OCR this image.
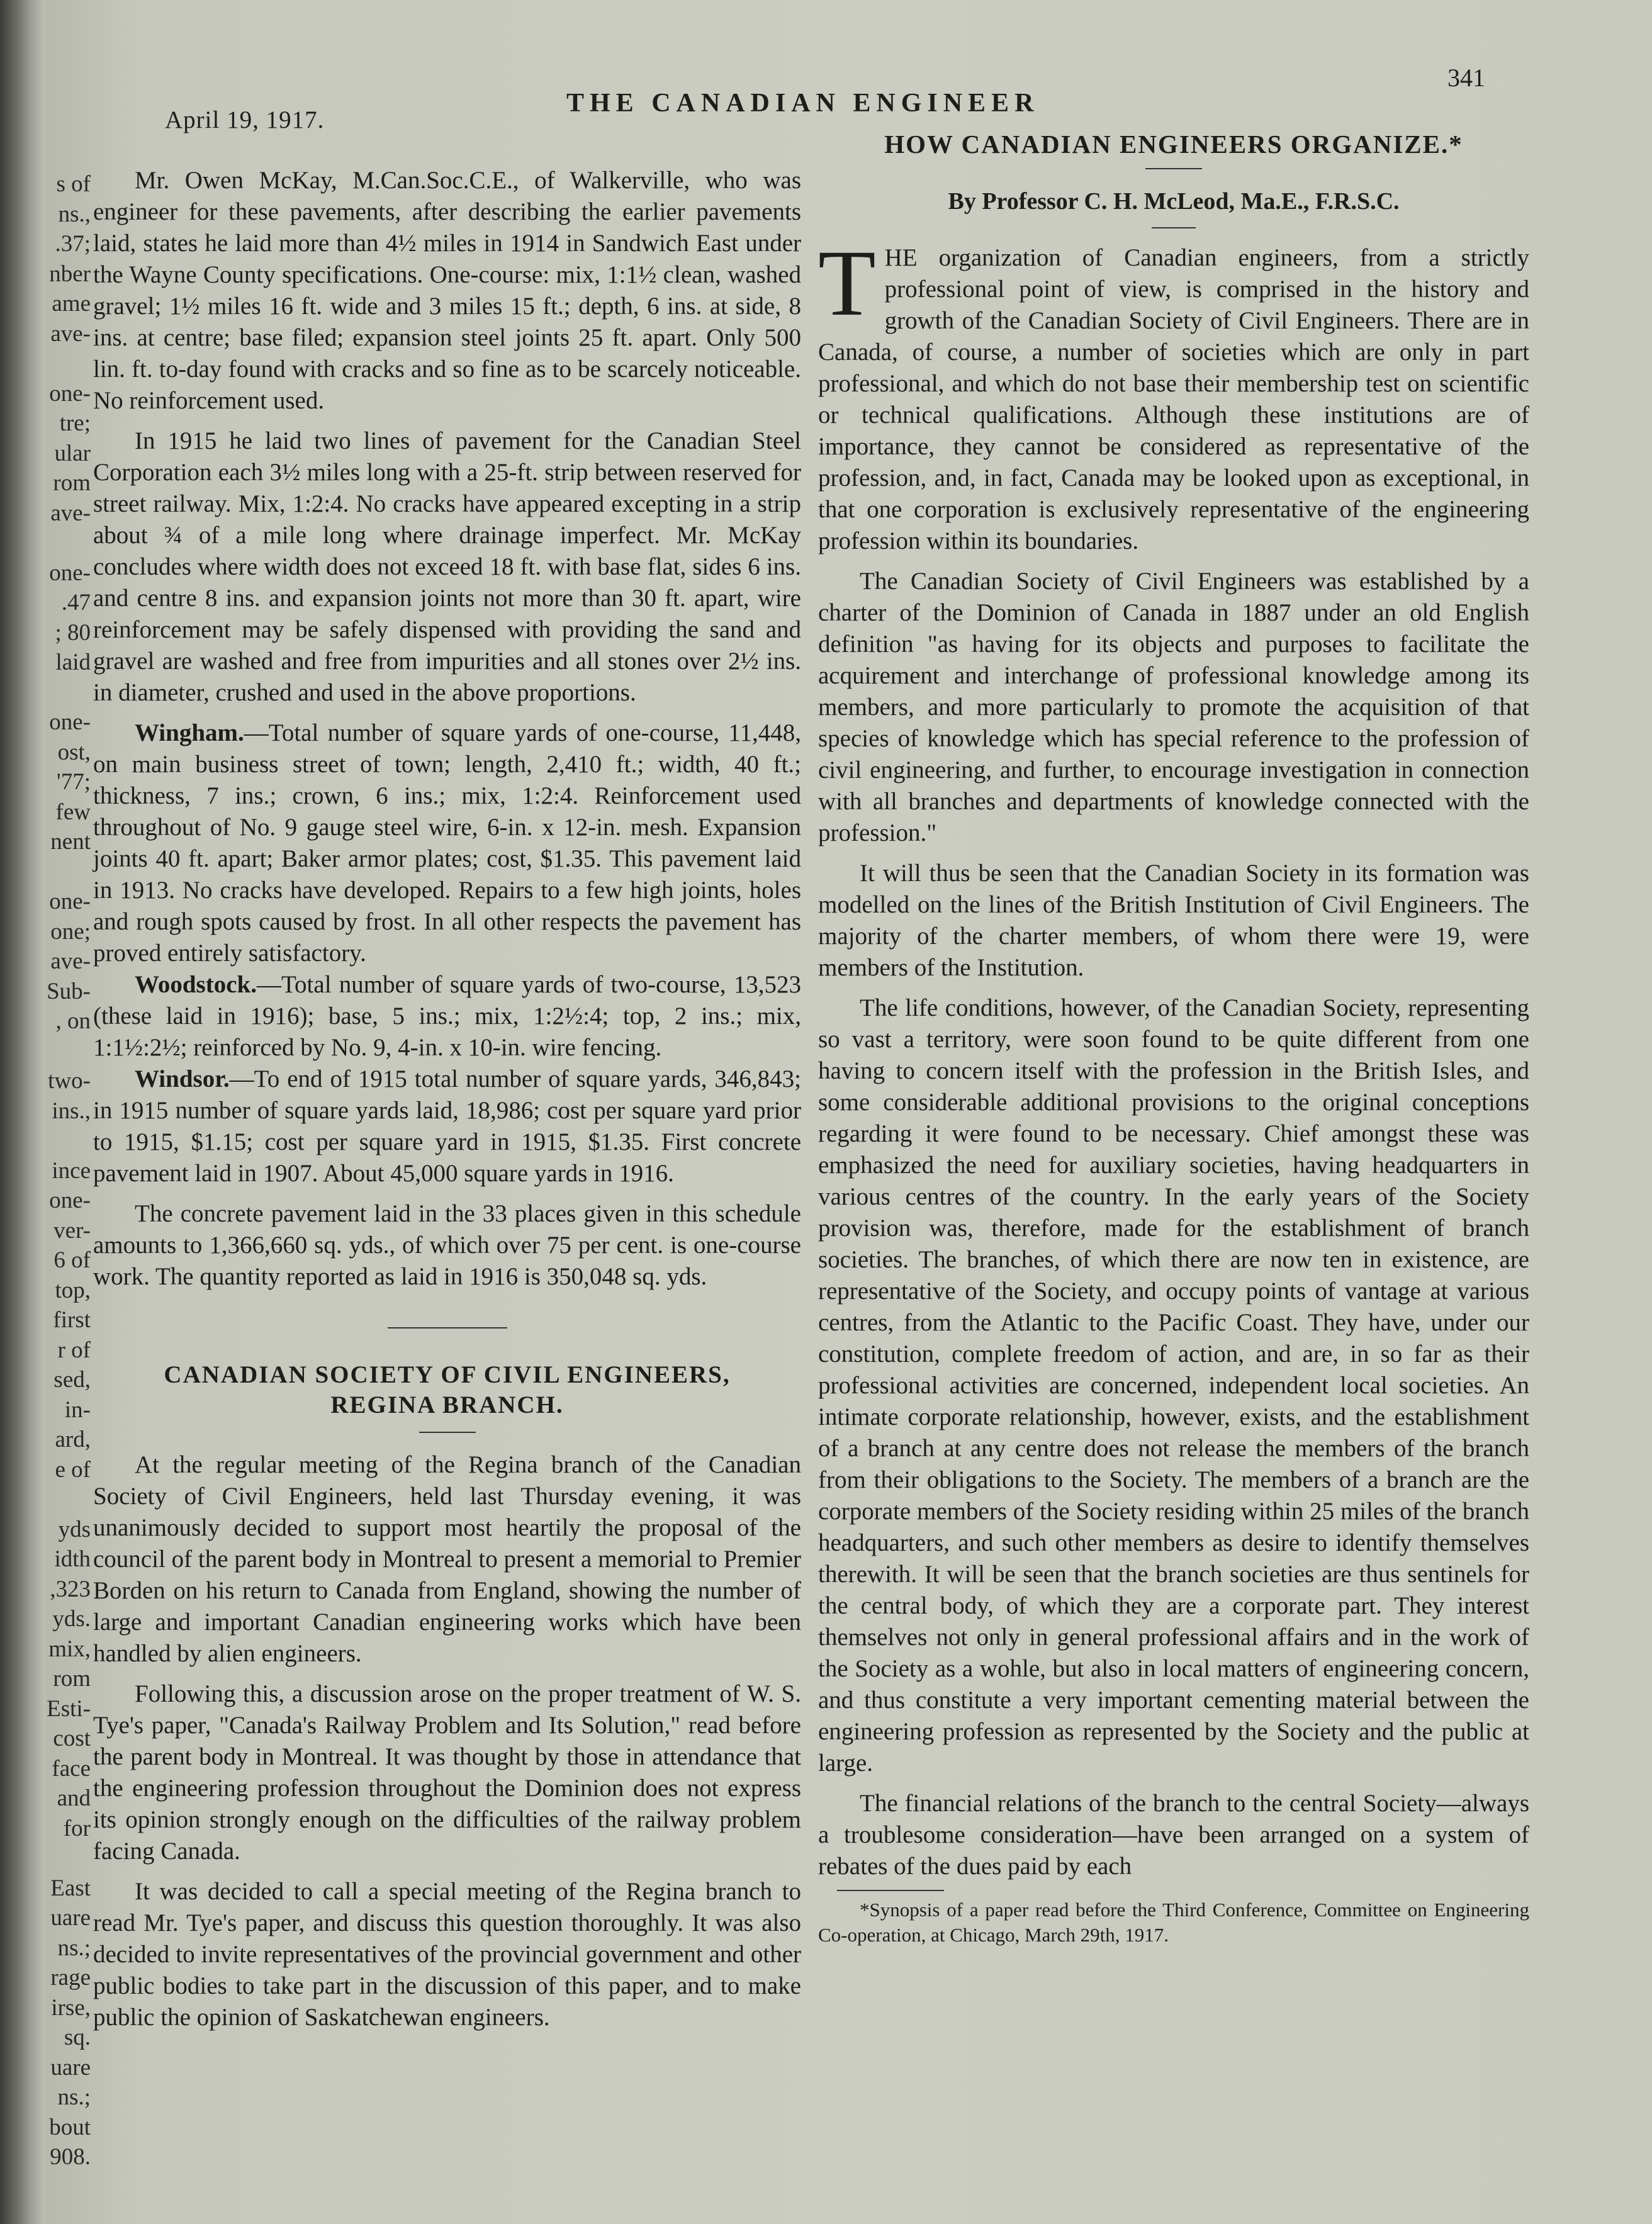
s of
ns.,
.37;
nber
ame
ave-
one-
tre;
ular
rom
ave-
one-
.47
; 80
laid
one-
ost,
'77;
few
nent
one-
one;
ave-
Sub-
, on
two-
ins.,
ince
one-
ver-
6 of
top,
first
r of
sed,
in-
ard,
e of
yds
idth
,323
yds.
mix,
rom
Esti-
cost
face
and
for
East
uare
ns.;
rage
irse,
sq.
uare
ns.;
bout
908.
April 19, 1917.
THE CANADIAN ENGINEER
341

Mr. Owen McKay, M.Can.Soc.C.E., of Walkerville, who was engineer for these pavements, after describing the earlier pavements laid, states he laid more than 4½ miles in 1914 in Sandwich East under the Wayne County specifications. One-course: mix, 1:1½ clean, washed gravel; 1½ miles 16 ft. wide and 3 miles 15 ft.; depth, 6 ins. at side, 8 ins. at centre; base filed; expansion steel joints 25 ft. apart. Only 500 lin. ft. to-day found with cracks and so fine as to be scarcely noticeable. No reinforcement used.

In 1915 he laid two lines of pavement for the Canadian Steel Corporation each 3½ miles long with a 25-ft. strip between reserved for street railway. Mix, 1:2:4. No cracks have appeared excepting in a strip about ¾ of a mile long where drainage imperfect. Mr. McKay concludes where width does not exceed 18 ft. with base flat, sides 6 ins. and centre 8 ins. and expansion joints not more than 30 ft. apart, wire reinforcement may be safely dispensed with providing the sand and gravel are washed and free from impurities and all stones over 2½ ins. in diameter, crushed and used in the above proportions.

Wingham.—Total number of square yards of one-course, 11,448, on main business street of town; length, 2,410 ft.; width, 40 ft.; thickness, 7 ins.; crown, 6 ins.; mix, 1:2:4. Reinforcement used throughout of No. 9 gauge steel wire, 6-in. x 12-in. mesh. Expansion joints 40 ft. apart; Baker armor plates; cost, $1.35. This pavement laid in 1913. No cracks have developed. Repairs to a few high joints, holes and rough spots caused by frost. In all other respects the pavement has proved entirely satisfactory.

Woodstock.—Total number of square yards of two-course, 13,523 (these laid in 1916); base, 5 ins.; mix, 1:2½:4; top, 2 ins.; mix, 1:1½:2½; reinforced by No. 9, 4-in. x 10-in. wire fencing.

Windsor.—To end of 1915 total number of square yards, 346,843; in 1915 number of square yards laid, 18,986; cost per square yard prior to 1915, $1.15; cost per square yard in 1915, $1.35. First concrete pavement laid in 1907. About 45,000 square yards in 1916.

The concrete pavement laid in the 33 places given in this schedule amounts to 1,366,660 sq. yds., of which over 75 per cent. is one-course work. The quantity reported as laid in 1916 is 350,048 sq. yds.

CANADIAN SOCIETY OF CIVIL ENGINEERS,
REGINA BRANCH.

At the regular meeting of the Regina branch of the Canadian Society of Civil Engineers, held last Thursday evening, it was unanimously decided to support most heartily the proposal of the council of the parent body in Montreal to present a memorial to Premier Borden on his return to Canada from England, showing the number of large and important Canadian engineering works which have been handled by alien engineers.

Following this, a discussion arose on the proper treatment of W. S. Tye's paper, "Canada's Railway Problem and Its Solution," read before the parent body in Montreal. It was thought by those in attendance that the engineering profession throughout the Dominion does not express its opinion strongly enough on the difficulties of the railway problem facing Canada.

It was decided to call a special meeting of the Regina branch to read Mr. Tye's paper, and discuss this question thoroughly. It was also decided to invite representatives of the provincial government and other public bodies to take part in the discussion of this paper, and to make public the opinion of Saskatchewan engineers.

HOW CANADIAN ENGINEERS ORGANIZE.*
By Professor C. H. McLeod, Ma.E., F.R.S.C.

THE organization of Canadian engineers, from a strictly professional point of view, is comprised in the history and growth of the Canadian Society of Civil Engineers. There are in Canada, of course, a number of societies which are only in part professional, and which do not base their membership test on scientific or technical qualifications. Although these institutions are of importance, they cannot be considered as representative of the profession, and, in fact, Canada may be looked upon as exceptional, in that one corporation is exclusively representative of the engineering profession within its boundaries.

The Canadian Society of Civil Engineers was established by a charter of the Dominion of Canada in 1887 under an old English definition "as having for its objects and purposes to facilitate the acquirement and interchange of professional knowledge among its members, and more particularly to promote the acquisition of that species of knowledge which has special reference to the profession of civil engineering, and further, to encourage investigation in connection with all branches and departments of knowledge connected with the profession."

It will thus be seen that the Canadian Society in its formation was modelled on the lines of the British Institution of Civil Engineers. The majority of the charter members, of whom there were 19, were members of the Institution.

The life conditions, however, of the Canadian Society, representing so vast a territory, were soon found to be quite different from one having to concern itself with the profession in the British Isles, and some considerable additional provisions to the original conceptions regarding it were found to be necessary. Chief amongst these was emphasized the need for auxiliary societies, having headquarters in various centres of the country. In the early years of the Society provision was, therefore, made for the establishment of branch societies. The branches, of which there are now ten in existence, are representative of the Society, and occupy points of vantage at various centres, from the Atlantic to the Pacific Coast. They have, under our constitution, complete freedom of action, and are, in so far as their professional activities are concerned, independent local societies. An intimate corporate relationship, however, exists, and the establishment of a branch at any centre does not release the members of the branch from their obligations to the Society. The members of a branch are the corporate members of the Society residing within 25 miles of the branch headquarters, and such other members as desire to identify themselves therewith. It will be seen that the branch societies are thus sentinels for the central body, of which they are a corporate part. They interest themselves not only in general professional affairs and in the work of the Society as a wohle, but also in local matters of engineering concern, and thus constitute a very important cementing material between the engineering profession as represented by the Society and the public at large.

The financial relations of the branch to the central Society—always a troublesome consideration—have been arranged on a system of rebates of the dues paid by each

*Synopsis of a paper read before the Third Conference, Committee on Engineering Co-operation, at Chicago, March 29th, 1917.
